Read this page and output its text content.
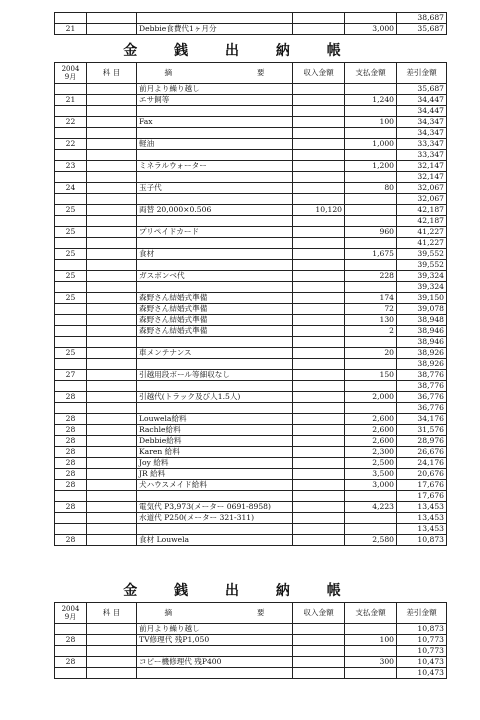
					38,687
21		Debbie食費代1ヶ月分		3,000	35,687
金 銭 出 納 帳
2004
9月	科 目	摘 要	収入金額	支払金額	差引金額
		前月より繰り越し			35,687
21		エサ飼等		1,240	34,447
					34,447
22		Fax		100	34,347
					34,347
22		軽油		1,000	33,347
					33,347
23		ミネラルウォーター		1,200	32,147
					32,147
24		玉子代		80	32,067
					32,067
25		両替 20,000×0.506	10,120		42,187
					42,187
25		プリペイドカード		960	41,227
					41,227
25		食材		1,675	39,552
					39,552
25		ガスボンベ代		228	39,324
					39,324
25		森野さん結婚式準備		174	39,150
		森野さん結婚式準備		72	39,078
		森野さん結婚式準備		130	38,948
		森野さん結婚式準備		2	38,946
					38,946
25		車メンテナンス		20	38,926
					38,926
27		引越用段ボール等細収なし		150	38,776
					38,776
28		引越代(トラック及び人1.5人)		2,000	36,776
					36,776
28		Louwela給料		2,600	34,176
28		Rachle給料		2,600	31,576
28		Debbie給料		2,600	28,976
28		Karen 給料		2,300	26,676
28		Joy 給料		2,500	24,176
28		JR 給料		3,500	20,676
28		犬ハウスメイド給料		3,000	17,676
					17,676
28		電気代 P3,973(メーター 0691-8958)		4,223	13,453
		水道代 P250(メーター 321-311)			13,453
					13,453
28		食材 Louwela		2,580	10,873
金 銭 出 納 帳
2004
9月	科 目	摘 要	収入金額	支払金額	差引金額
		前月より繰り越し			10,873
28		TV修理代 残P1,050		100	10,773
					10,773
28		コピー機修理代 残P400		300	10,473
					10,473
